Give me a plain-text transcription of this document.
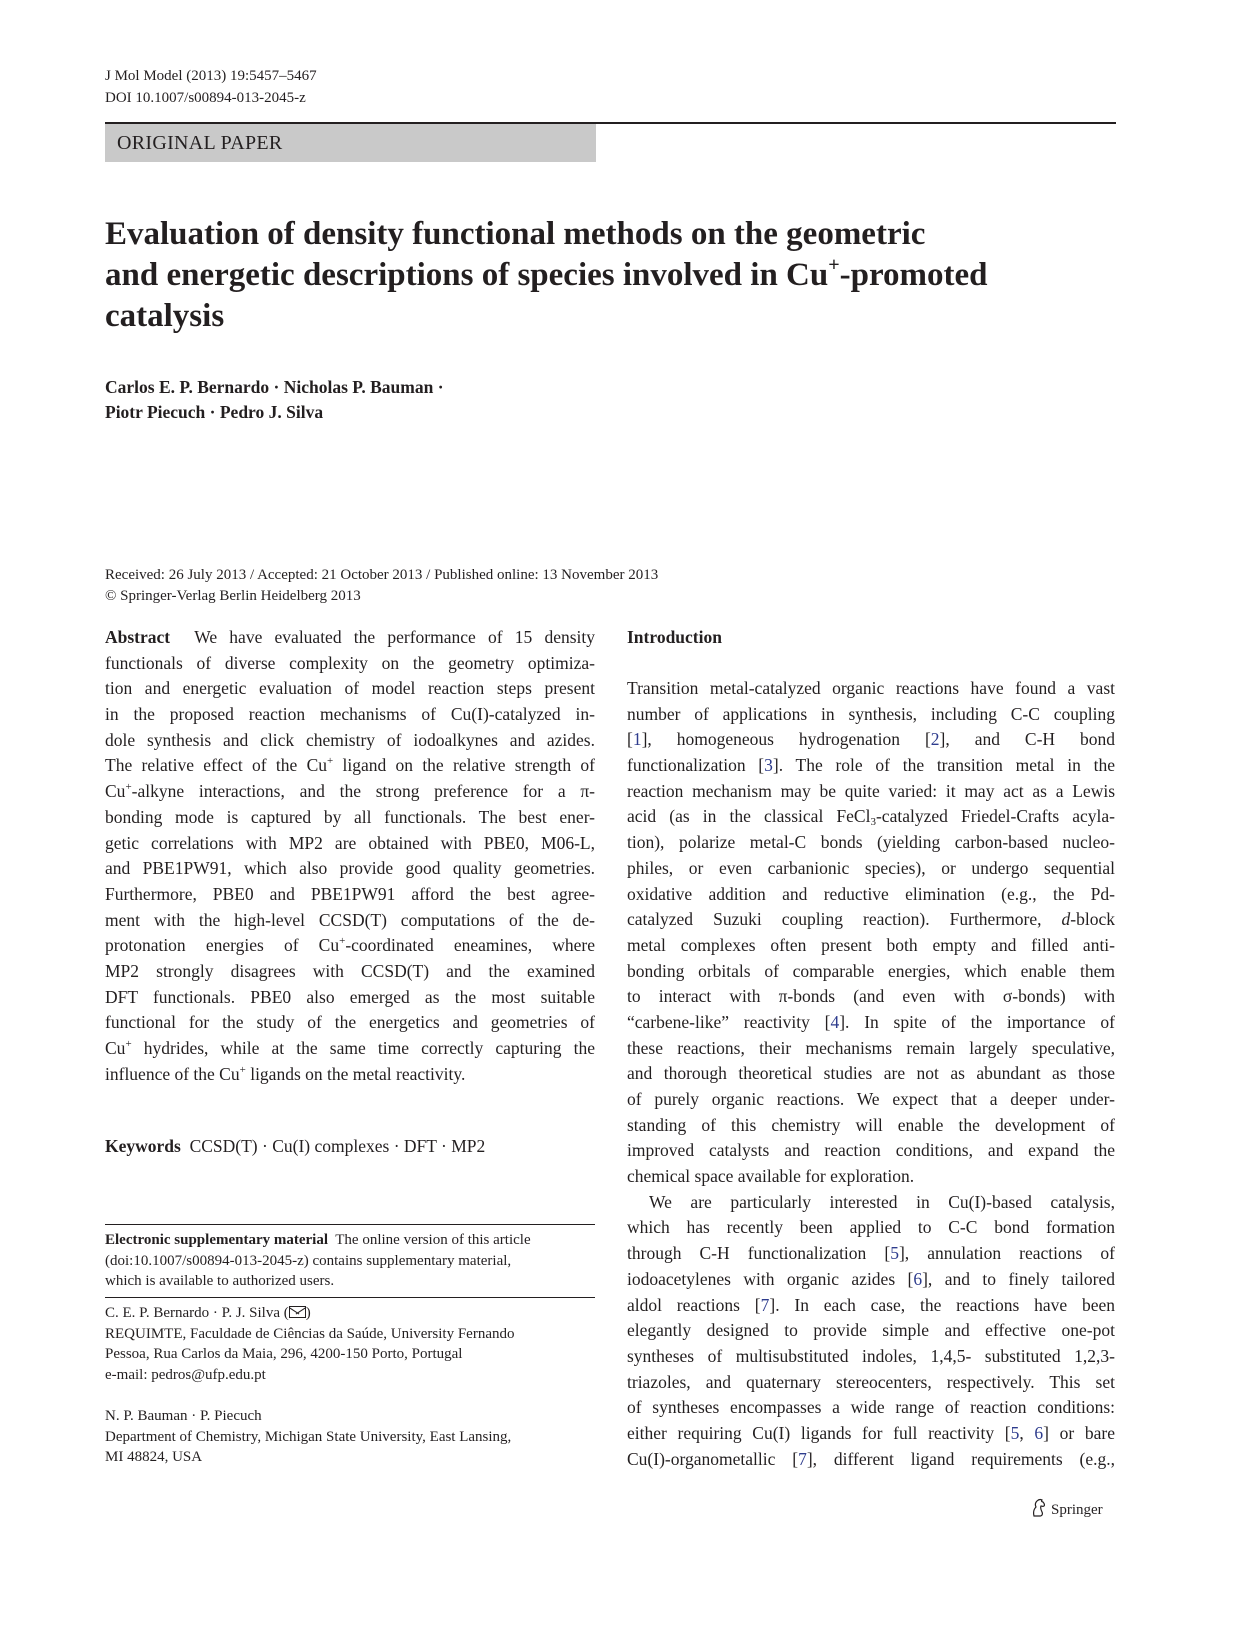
J Mol Model (2013) 19:5457–5467
DOI 10.1007/s00894-013-2045-z
ORIGINAL PAPER
Evaluation of density functional methods on the geometric
and energetic descriptions of species involved in Cu+-promoted
catalysis
Carlos E. P. Bernardo · Nicholas P. Bauman ·
Piotr Piecuch · Pedro J. Silva
Received: 26 July 2013 / Accepted: 21 October 2013 / Published online: 13 November 2013
© Springer-Verlag Berlin Heidelberg 2013
Abstract We have evaluated the performance of 15 density
functionals of diverse complexity on the geometry optimiza-
tion and energetic evaluation of model reaction steps present
in the proposed reaction mechanisms of Cu(I)-catalyzed in-
dole synthesis and click chemistry of iodoalkynes and azides.
The relative effect of the Cu+ ligand on the relative strength of
Cu+-alkyne interactions, and the strong preference for a π-
bonding mode is captured by all functionals. The best ener-
getic correlations with MP2 are obtained with PBE0, M06-L,
and PBE1PW91, which also provide good quality geometries.
Furthermore, PBE0 and PBE1PW91 afford the best agree-
ment with the high-level CCSD(T) computations of the de-
protonation energies of Cu+-coordinated eneamines, where
MP2 strongly disagrees with CCSD(T) and the examined
DFT functionals. PBE0 also emerged as the most suitable
functional for the study of the energetics and geometries of
Cu+ hydrides, while at the same time correctly capturing the
influence of the Cu+ ligands on the metal reactivity.
Keywords CCSD(T) · Cu(I) complexes · DFT · MP2
Electronic supplementary material The online version of this article
(doi:10.1007/s00894-013-2045-z) contains supplementary material,
which is available to authorized users.
C. E. P. Bernardo · P. J. Silva ( )
REQUIMTE, Faculdade de Ciências da Saúde, University Fernando
Pessoa, Rua Carlos da Maia, 296, 4200-150 Porto, Portugal
e-mail: pedros@ufp.edu.pt
N. P. Bauman · P. Piecuch
Department of Chemistry, Michigan State University, East Lansing,
MI 48824, USA
Introduction
Transition metal-catalyzed organic reactions have found a vast
number of applications in synthesis, including C-C coupling
[1], homogeneous hydrogenation [2], and C-H bond
functionalization [3]. The role of the transition metal in the
reaction mechanism may be quite varied: it may act as a Lewis
acid (as in the classical FeCl$_3$-catalyzed Friedel-Crafts acyla-
tion), polarize metal-C bonds (yielding carbon-based nucleo-
philes, or even carbanionic species), or undergo sequential
oxidative addition and reductive elimination (e.g., the Pd-
catalyzed Suzuki coupling reaction). Furthermore, d-block
metal complexes often present both empty and filled anti-
bonding orbitals of comparable energies, which enable them
to interact with π-bonds (and even with σ-bonds) with
“carbene-like” reactivity [4]. In spite of the importance of
these reactions, their mechanisms remain largely speculative,
and thorough theoretical studies are not as abundant as those
of purely organic reactions. We expect that a deeper under-
standing of this chemistry will enable the development of
improved catalysts and reaction conditions, and expand the
chemical space available for exploration.
We are particularly interested in Cu(I)-based catalysis,
which has recently been applied to C-C bond formation
through C-H functionalization [5], annulation reactions of
iodoacetylenes with organic azides [6], and to finely tailored
aldol reactions [7]. In each case, the reactions have been
elegantly designed to provide simple and effective one-pot
syntheses of multisubstituted indoles, 1,4,5- substituted 1,2,3-
triazoles, and quaternary stereocenters, respectively. This set
of syntheses encompasses a wide range of reaction conditions:
either requiring Cu(I) ligands for full reactivity [5, 6] or bare
Cu(I)-organometallic [7], different ligand requirements (e.g.,
Springer
